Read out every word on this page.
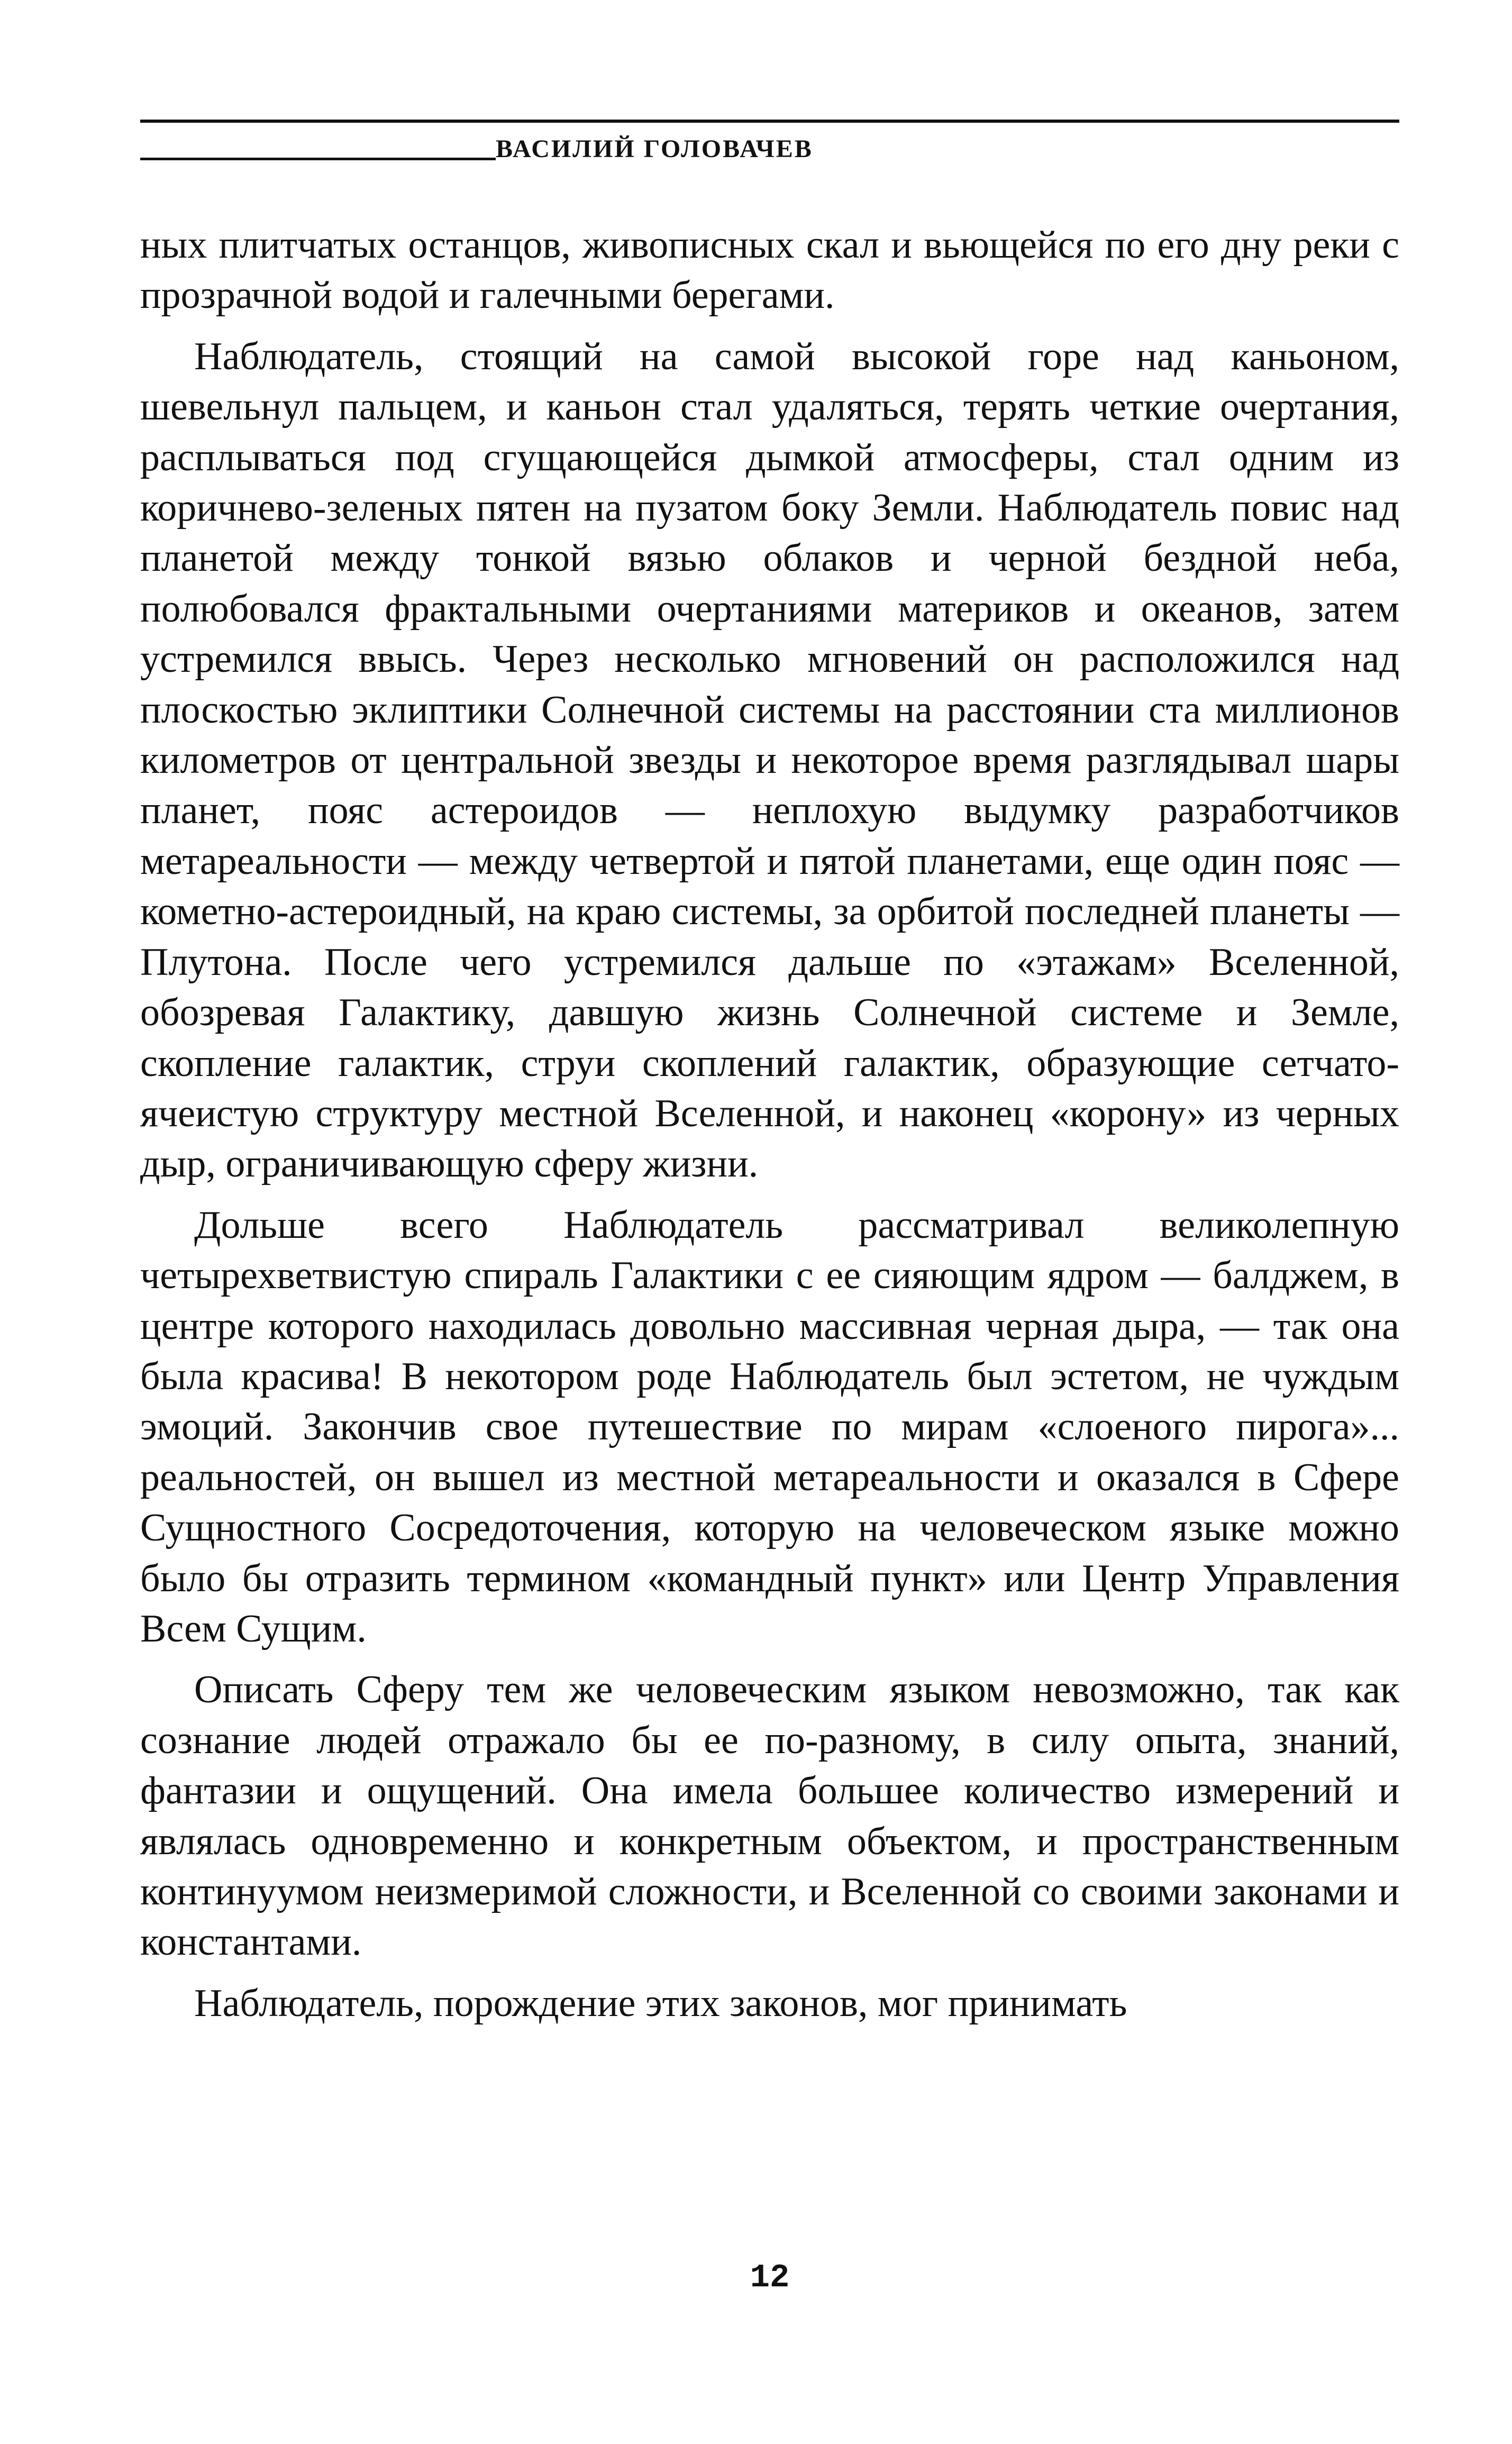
ВАСИЛИЙ ГОЛОВАЧЕВ

ных плитчатых останцов, живописных скал и вьющейся по его дну реки с прозрачной водой и галечными берегами.

Наблюдатель, стоящий на самой высокой горе над каньоном, шевельнул пальцем, и каньон стал удаляться, терять четкие очертания, расплываться под сгущающейся дымкой атмосферы, стал одним из коричнево-зеленых пятен на пузатом боку Земли. Наблюдатель повис над планетой между тонкой вязью облаков и черной бездной неба, полюбовался фрактальными очертаниями материков и океанов, затем устремился ввысь. Через несколько мгновений он расположился над плоскостью эклиптики Солнечной системы на расстоянии ста миллионов километров от центральной звезды и некоторое время разглядывал шары планет, пояс астероидов — неплохую выдумку разработчиков метареальности — между четвертой и пятой планетами, еще один пояс — кометно-астероидный, на краю системы, за орбитой последней планеты — Плутона. После чего устремился дальше по «этажам» Вселенной, обозревая Галактику, давшую жизнь Солнечной системе и Земле, скопление галактик, струи скоплений галактик, образующие сетчато-ячеистую структуру местной Вселенной, и наконец «корону» из черных дыр, ограничивающую сферу жизни.

Дольше всего Наблюдатель рассматривал великолепную четырехветвистую спираль Галактики с ее сияющим ядром — балджем, в центре которого находилась довольно массивная черная дыра, — так она была красива! В некотором роде Наблюдатель был эстетом, не чуждым эмоций. Закончив свое путешествие по мирам «слоеного пирога»... реальностей, он вышел из местной метареальности и оказался в Сфере Сущностного Сосредоточения, которую на человеческом языке можно было бы отразить термином «командный пункт» или Центр Управления Всем Сущим.

Описать Сферу тем же человеческим языком невозможно, так как сознание людей отражало бы ее по-разному, в силу опыта, знаний, фантазии и ощущений. Она имела большее количество измерений и являлась одновременно и конкретным объектом, и пространственным континуумом неизмеримой сложности, и Вселенной со своими законами и константами.

Наблюдатель, порождение этих законов, мог принимать

12
